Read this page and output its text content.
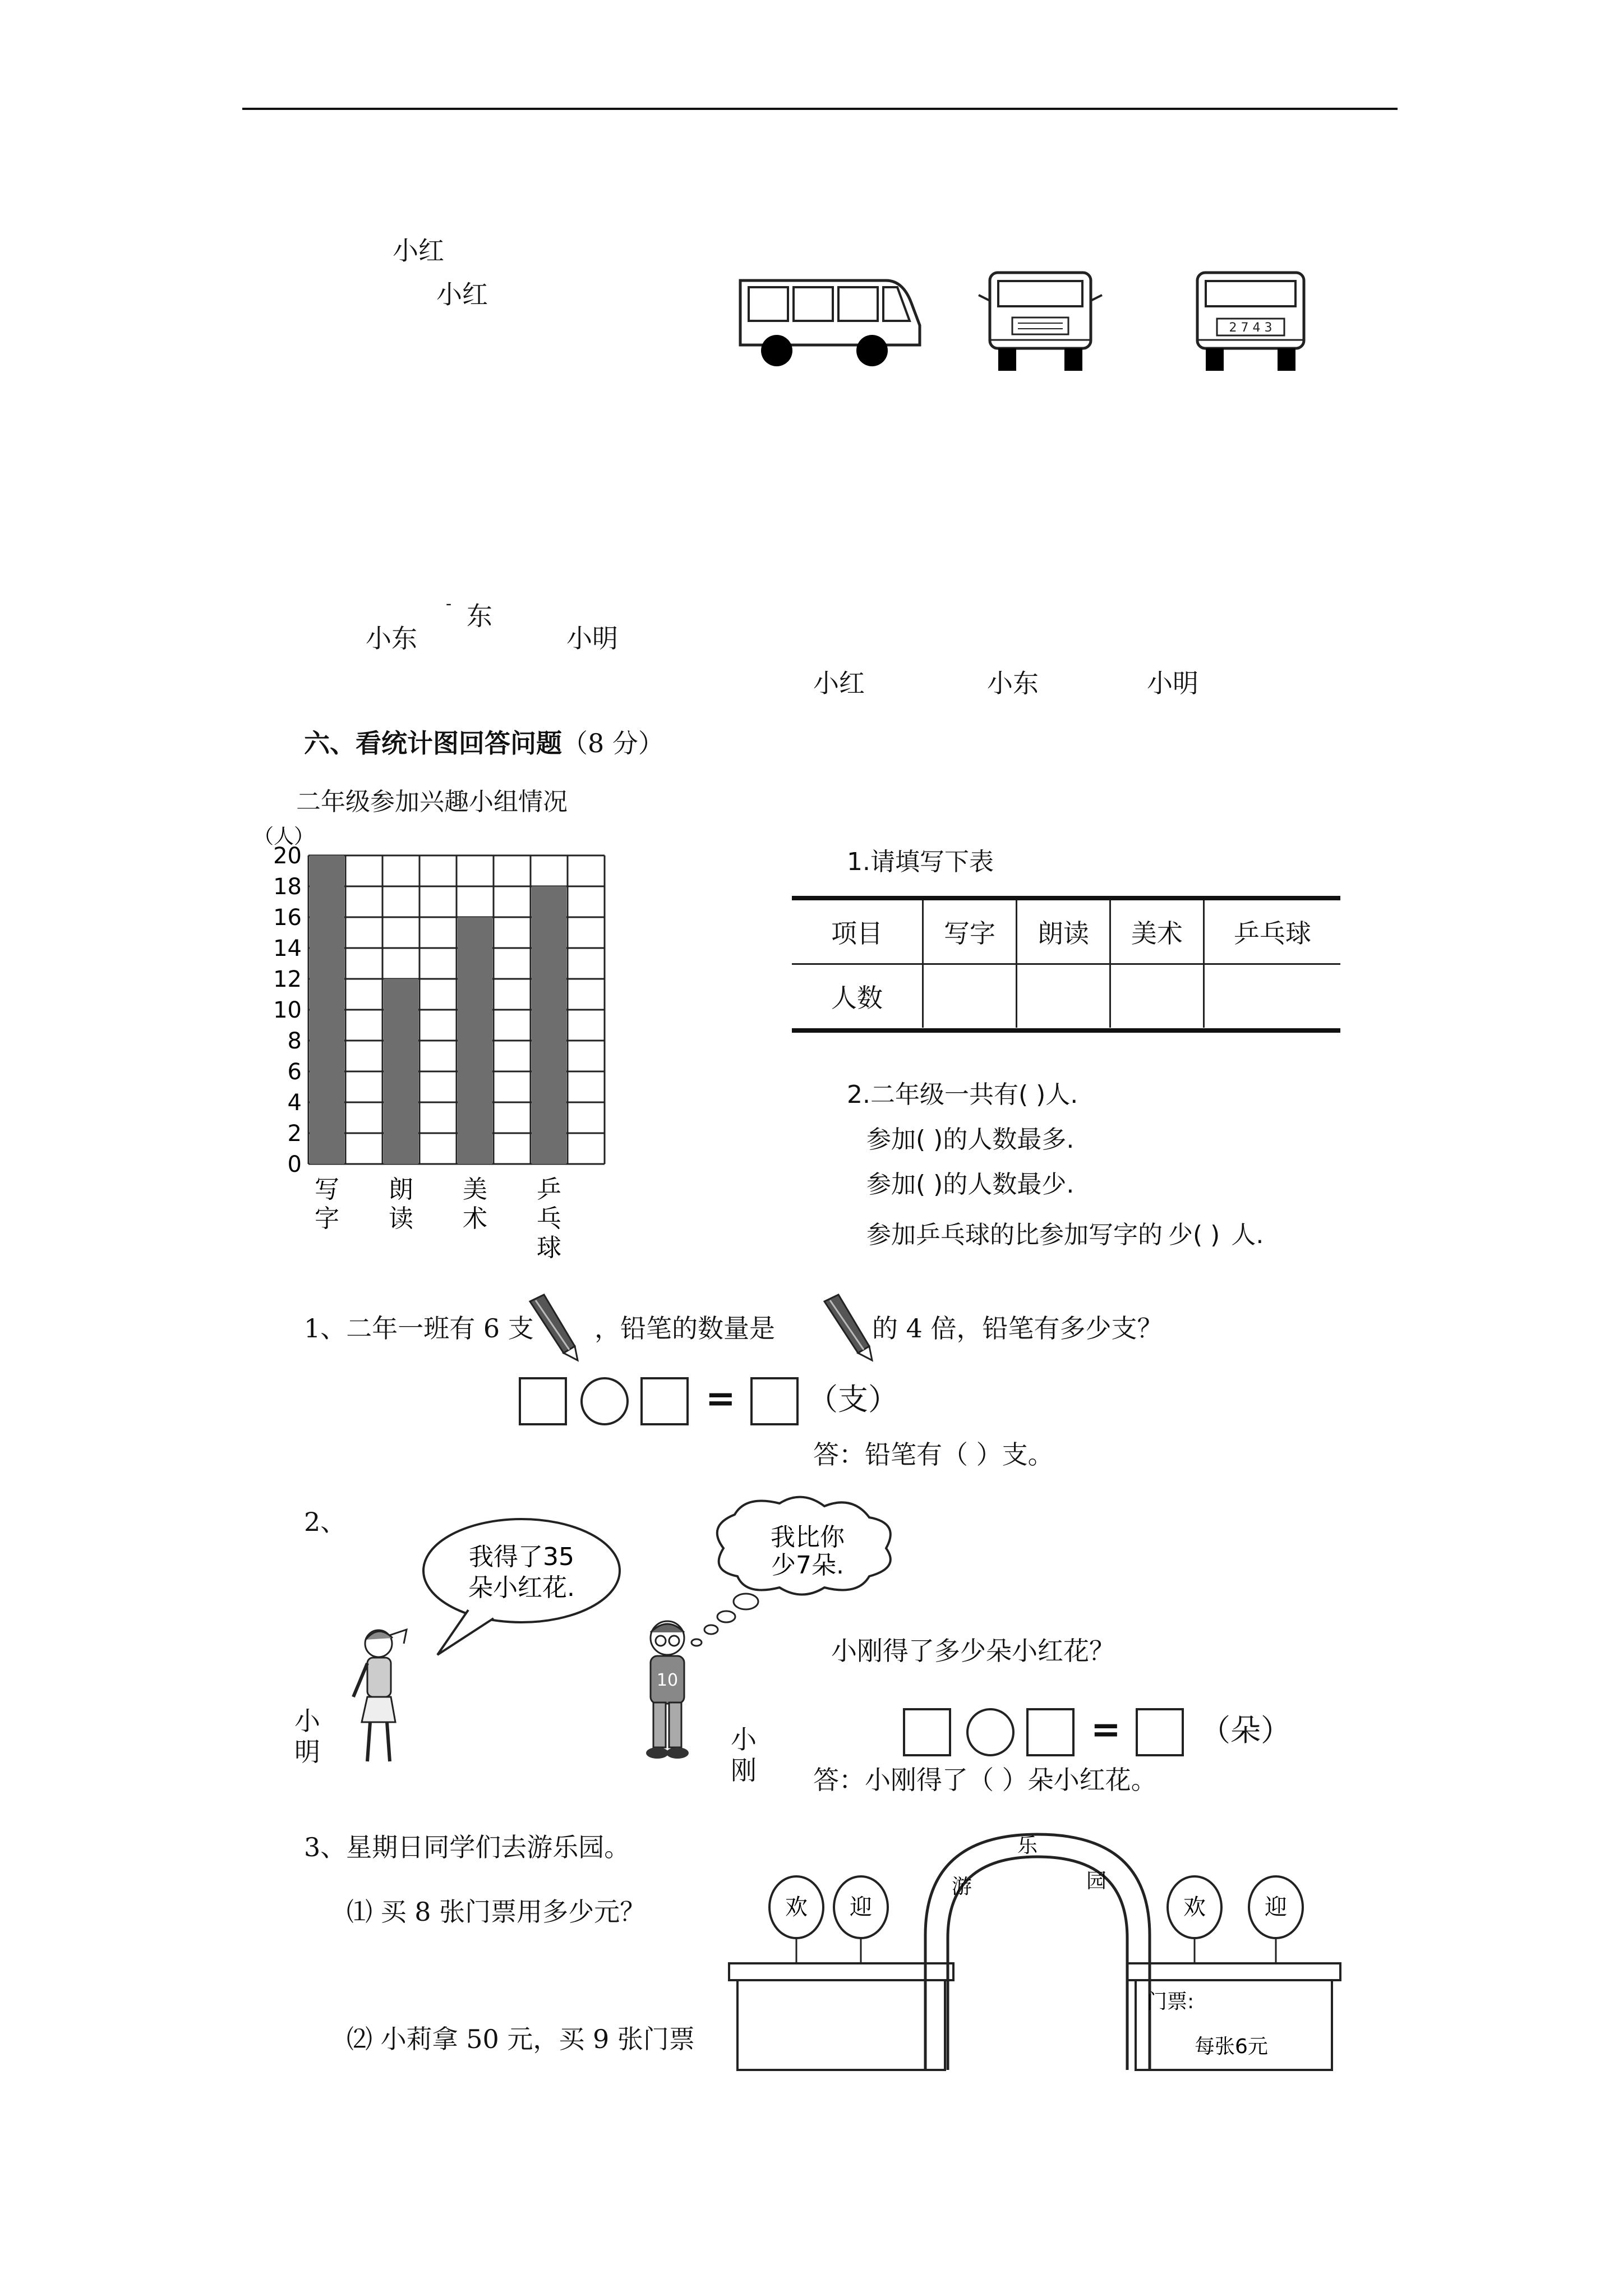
小红
小红
- 东
小东	小明
小红	小东	小明
2 7 4 3
六、看统计图回答问题（8 分）
二年级参加兴趣小组情况
（人）
0
2
4
6
8
10
12
14
16
18
20
写
字
朗
读
美
术
乒
乓
球
1.请填写下表
项目	写字	朗读	美术	乒乓球
人数				
2.二年级一共有( )人.
参加( )的人数最多.
参加( )的人数最少.
参加乒乓球的比参加写字的 少( ) 人.
1、二年一班有 6 支 ，铅笔的数量是	的 4 倍，铅笔有多少支？
= （支）
答：铅笔有（ ）支。
2、
我得了35
朵小红花.
我比你
少7朵.
小
明
10
小
刚
小刚得了多少朵小红花？
=	（朵）
答：小刚得了（ ）朵小红花。
3、星期日同学们去游乐园。
⑴ 买 8 张门票用多少元？
⑵ 小莉拿 50 元，买 9 张门票
游
乐
园
欢 迎	欢	迎
门票:
每张6元
